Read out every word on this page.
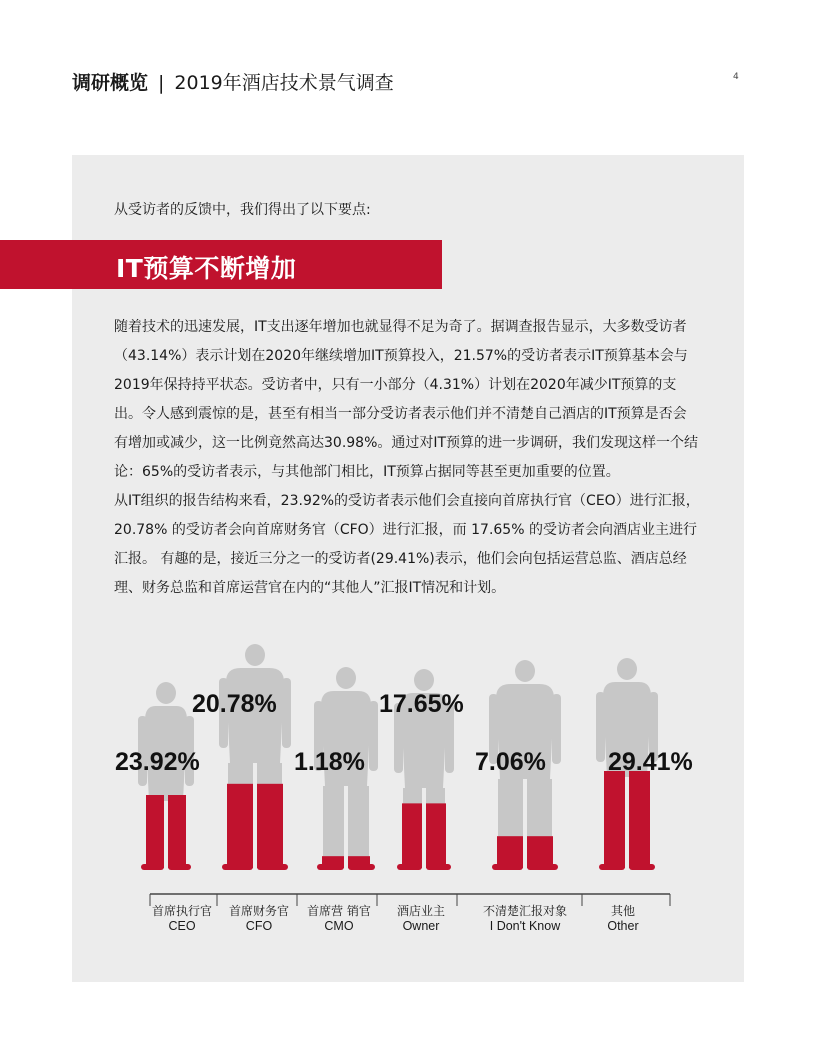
调研概览 | 2019年酒店技术景气调查	4
从受访者的反馈中，我们得出了以下要点:
IT预算不断增加

随着技术的迅速发展，IT支出逐年增加也就显得不足为奇了。据调查报告显示，大多数受访者（43.14%）表示计划在2020年继续增加IT预算投入，21.57%的受访者表示IT预算基本会与2019年保持持平状态。受访者中，只有一小部分（4.31%）计划在2020年减少IT预算的支出。令人感到震惊的是，甚至有相当一部分受访者表示他们并不清楚自己酒店的IT预算是否会有增加或减少，这一比例竟然高达30.98%。通过对IT预算的进一步调研，我们发现这样一个结论：65%的受访者表示，与其他部门相比，IT预算占据同等甚至更加重要的位置。

从IT组织的报告结构来看，23.92%的受访者表示他们会直接向首席执行官（CEO）进行汇报，20.78% 的受访者会向首席财务官（CFO）进行汇报，而 17.65% 的受访者会向酒店业主进行汇报。 有趣的是，接近三分之一的受访者(29.41%)表示，他们会向包括运营总监、酒店总经理、财务总监和首席运营官在内的“其他人”汇报IT情况和计划。

23.92%
20.78%
1.18%
17.65%
7.06% 29.41%
首席执行官
CEO
首席财务官
CFO
首席营 销官
CMO
酒店业主
Owner
不清楚汇报对象
I Don't Know
其他
Other
